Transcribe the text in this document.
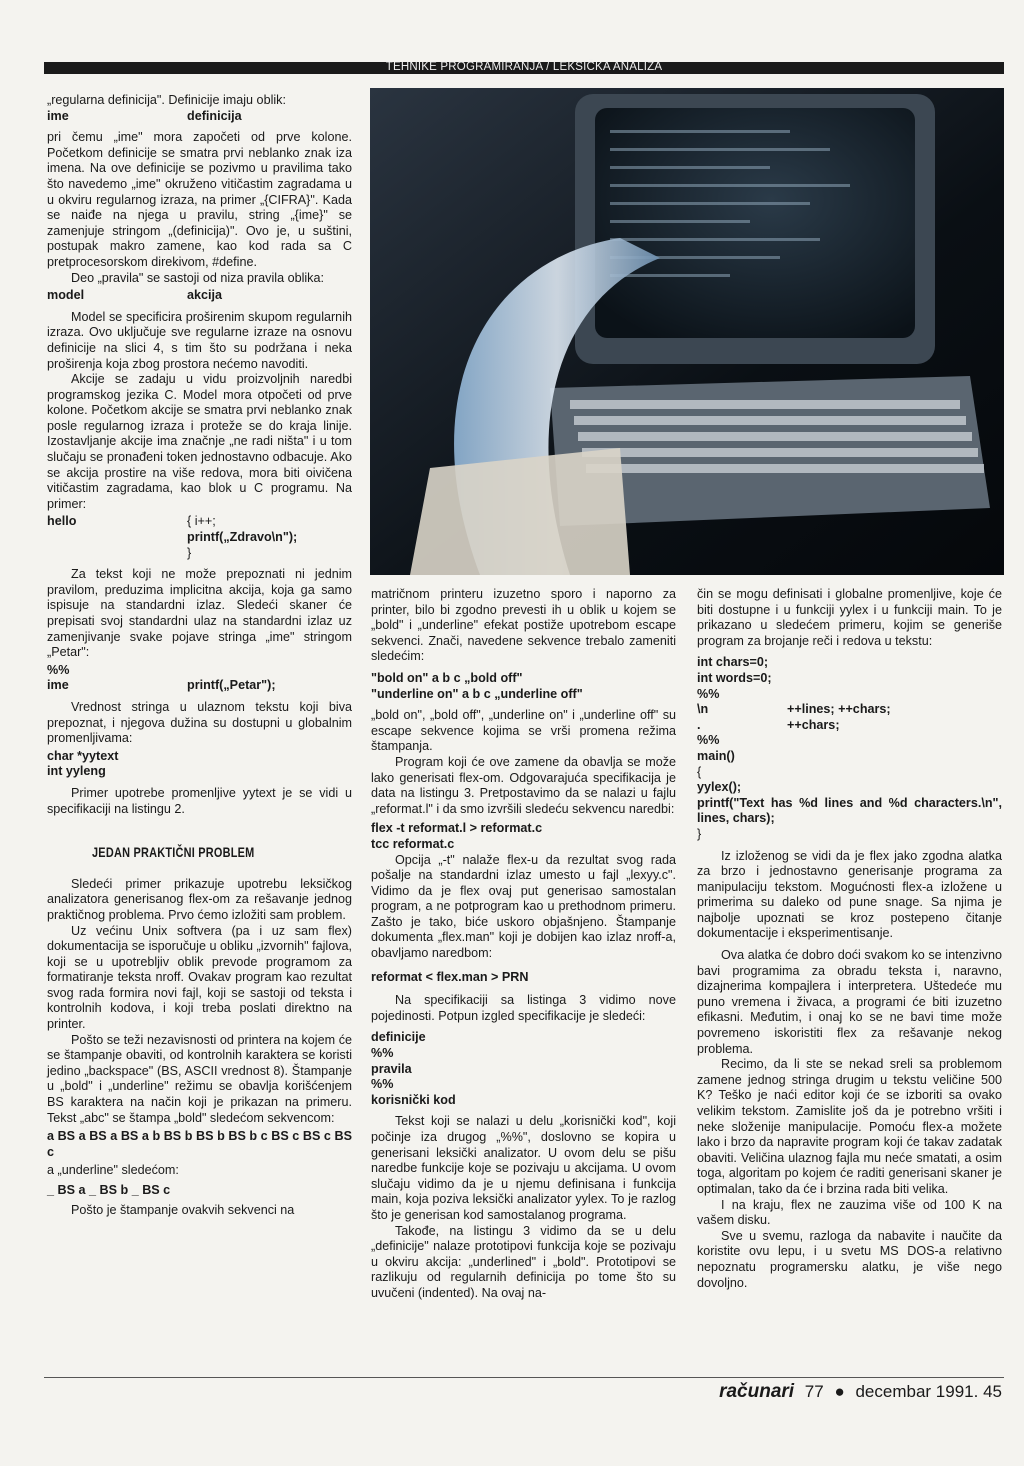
TEHNIKE PROGRAMIRANJA / LEKSIČKA ANALIZA

„regularna definicija". Definicije imaju oblik:

ime	definicija

pri čemu „ime" mora započeti od prve kolone. Početkom definicije se smatra prvi neblanko znak iza imena. Na ove definicije se pozivmo u pravilima tako što navedemo „ime" okruženo vitičastim zagradama u u okviru regularnog izraza, na primer „{CIFRA}". Kada se naiđe na njega u pravilu, string „{ime}" se zamenjuje stringom „(definicija)". Ovo je, u suštini, postupak makro zamene, kao kod rada sa C pretprocesorskom direkivom, #define.

Deo „pravila" se sastoji od niza pravila oblika:

model	akcija

Model se specificira proširenim skupom regularnih izraza. Ovo uključuje sve regularne izraze na osnovu definicije na slici 4, s tim što su podržana i neka proširenja koja zbog prostora nećemo navoditi.

Akcije se zadaju u vidu proizvoljnih naredbi programskog jezika C. Model mora otpočeti od prve kolone. Početkom akcije se smatra prvi neblanko znak posle regularnog izraza i proteže se do kraja linije. Izostavljanje akcije ima značnje „ne radi ništa" i u tom slučaju se pronađeni token jednostavno odbacuje. Ako se akcija prostire na više redova, mora biti oivičena vitičastim zagradama, kao blok u C programu. Na primer:

hello	{ i++;
printf(„Zdravo\n");
}

Za tekst koji ne može prepoznati ni jednim pravilom, preduzima implicitna akcija, koja ga samo ispisuje na standardni izlaz. Sledeći skaner će prepisati svoj standardni ulaz na standardni izlaz uz zamenjivanje svake pojave stringa „ime" stringom „Petar":

%%
ime	printf(„Petar");

Vrednost stringa u ulaznom tekstu koji biva prepoznat, i njegova dužina su dostupni u globalnim promenljivama:

char *yytext
int yyleng

Primer upotrebe promenljive yytext je se vidi u specifikaciji na listingu 2.

JEDAN PRAKTIČNI PROBLEM

Sledeći primer prikazuje upotrebu leksičkog analizatora generisanog flex-om za rešavanje jednog praktičnog problema. Prvo ćemo izložiti sam problem.

Uz većinu Unix softvera (pa i uz sam flex) dokumentacija se isporučuje u obliku „izvornih" fajlova, koji se u upotrebljiv oblik prevode programom za formatiranje teksta nroff. Ovakav program kao rezultat svog rada formira novi fajl, koji se sastoji od teksta i kontrolnih kodova, i koji treba poslati direktno na printer.

Pošto se teži nezavisnosti od printera na kojem će se štampanje obaviti, od kontrolnih karaktera se koristi jedino „backspace" (BS, ASCII vrednost 8). Štampanje u „bold" i „underline" režimu se obavlja korišćenjem BS karaktera na način koji je prikazan na primeru. Tekst „abc" se štampa „bold" sledećom sekvencom:

a BS a BS a BS a b BS b BS b BS b c BS c BS c BS c

a „underline" sledećom:

_ BS a _ BS b _ BS c

Pošto je štampanje ovakvih sekvenci na

matričnom printeru izuzetno sporo i naporno za printer, bilo bi zgodno prevesti ih u oblik u kojem se „bold" i „underline" efekat postiže upotrebom escape sekvenci. Znači, navedene sekvence trebalo zameniti sledećim:

"bold on" a b c „bold off"

"underline on" a b c „underline off"

„bold on", „bold off", „underline on" i „underline off" su escape sekvence kojima se vrši promena režima štampanja.

Program koji će ove zamene da obavlja se može lako generisati flex-om. Odgovarajuća specifikacija je data na listingu 3. Pretpostavimo da se nalazi u fajlu „reformat.l" i da smo izvršili sledeću sekvencu naredbi:

flex -t reformat.l > reformat.c

tcc reformat.c

Opcija „-t" nalaže flex-u da rezultat svog rada pošalje na standardni izlaz umesto u fajl „lexyy.c". Vidimo da je flex ovaj put generisao samostalan program, a ne potprogram kao u prethodnom primeru. Zašto je tako, biće uskoro objašnjeno. Štampanje dokumenta „flex.man" koji je dobijen kao izlaz nroff-a, obavljamo naredbom:

reformat < flex.man > PRN

Na specifikaciji sa listinga 3 vidimo nove pojedinosti. Potpun izgled specifikacije je sledeći:

definicije

%%

pravila

%%

korisnički kod

Tekst koji se nalazi u delu „korisnički kod", koji počinje iza drugog „%%", doslovno se kopira u generisani leksički analizator. U ovom delu se pišu naredbe funkcije koje se pozivaju u akcijama. U ovom slučaju vidimo da je u njemu definisana i funkcija main, koja poziva leksički analizator yylex. To je razlog što je generisan kod samostalanog programa.

Takođe, na listingu 3 vidimo da se u delu „definicije" nalaze prototipovi funkcija koje se pozivaju u okviru akcija: „underlined" i „bold". Prototipovi se razlikuju od regularnih definicija po tome što su uvučeni (indented). Na ovaj na-

čin se mogu definisati i globalne promenljive, koje će biti dostupne i u funkciji yylex i u funkciji main. To je prikazano u sledećem primeru, kojim se generiše program za brojanje reči i redova u tekstu:

int chars=0;
int words=0;
%%
\n	++lines; ++chars;
.	++chars;
%%
main()
{
yylex();

printf("Text has %d lines and %d characters.\n", lines, chars);

}

Iz izloženog se vidi da je flex jako zgodna alatka za brzo i jednostavno generisanje programa za manipulaciju tekstom. Mogućnosti flex-a izložene u primerima su daleko od pune snage. Sa njima je najbolje upoznati se kroz postepeno čitanje dokumentacije i eksperimentisanje.

Ova alatka će dobro doći svakom ko se intenzivno bavi programima za obradu teksta i, naravno, dizajnerima kompajlera i interpretera. Uštedeće mu puno vremena i živaca, a programi će biti izuzetno efikasni. Međutim, i onaj ko se ne bavi time može povremeno iskoristiti flex za rešavanje nekog problema.

Recimo, da li ste se nekad sreli sa problemom zamene jednog stringa drugim u tekstu veličine 500 K? Teško je naći editor koji će se izboriti sa ovako velikim tekstom. Zamislite još da je potrebno vršiti i neke složenije manipulacije. Pomoću flex-a možete lako i brzo da napravite program koji će takav zadatak obaviti. Veličina ulaznog fajla mu neće smatati, a osim toga, algoritam po kojem će raditi generisani skaner je optimalan, tako da će i brzina rada biti velika.

I na kraju, flex ne zauzima više od 100 K na vašem disku.

Sve u svemu, razloga da nabavite i naučite da koristite ovu lepu, i u svetu MS DOS-a relativno nepoznatu programersku alatku, je više nego dovoljno.

računari 77 ● decembar 1991. 45
